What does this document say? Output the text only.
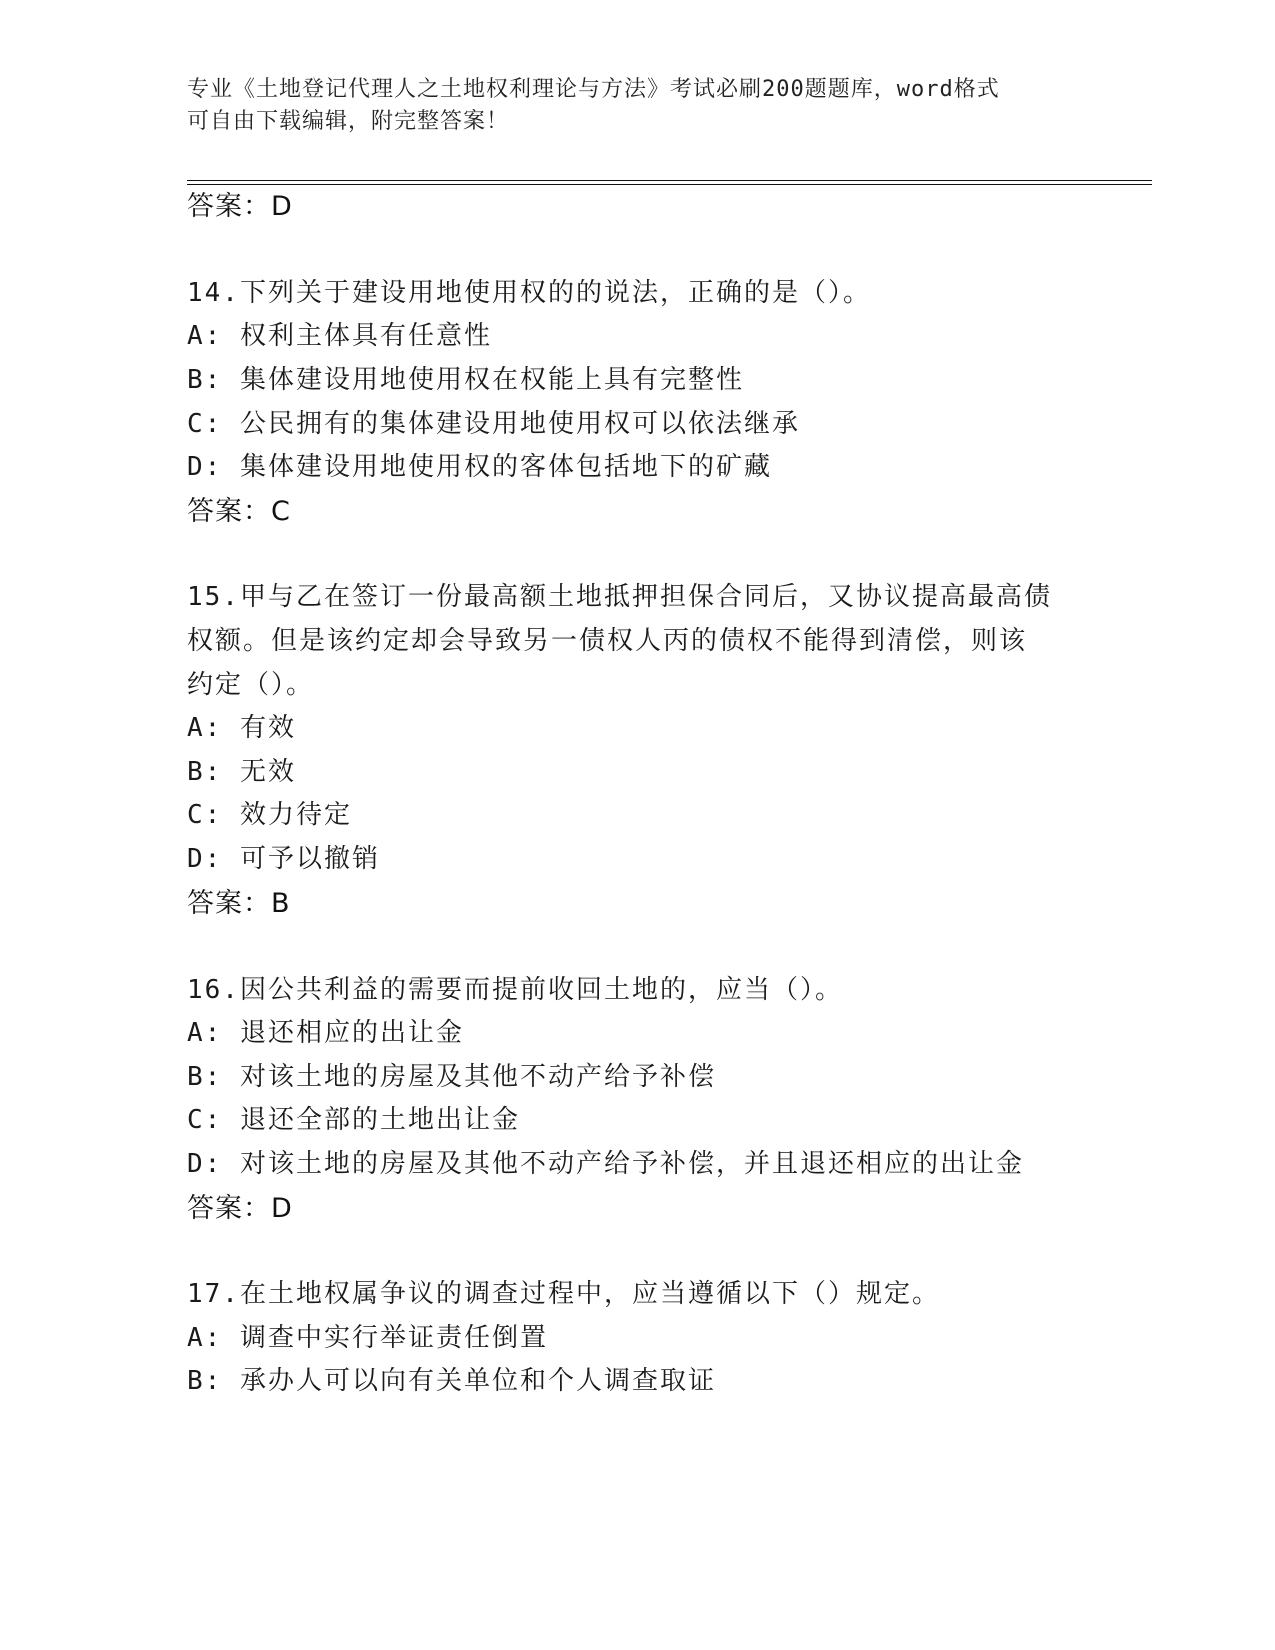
专业《土地登记代理人之土地权利理论与方法》考试必刷200题题库，word格式
可自由下载编辑，附完整答案！
答案：D
14.下列关于建设用地使用权的的说法，正确的是（）。
A: 权利主体具有任意性
B: 集体建设用地使用权在权能上具有完整性
C: 公民拥有的集体建设用地使用权可以依法继承
D: 集体建设用地使用权的客体包括地下的矿藏
答案：C
15.甲与乙在签订一份最高额土地抵押担保合同后，又协议提高最高债
权额。但是该约定却会导致另一债权人丙的债权不能得到清偿，则该
约定（）。
A: 有效
B: 无效
C: 效力待定
D: 可予以撤销
答案：B
16.因公共利益的需要而提前收回土地的，应当（）。
A: 退还相应的出让金
B: 对该土地的房屋及其他不动产给予补偿
C: 退还全部的土地出让金
D: 对该土地的房屋及其他不动产给予补偿，并且退还相应的出让金
答案：D
17.在土地权属争议的调查过程中，应当遵循以下（）规定。
A: 调查中实行举证责任倒置
B: 承办人可以向有关单位和个人调查取证
